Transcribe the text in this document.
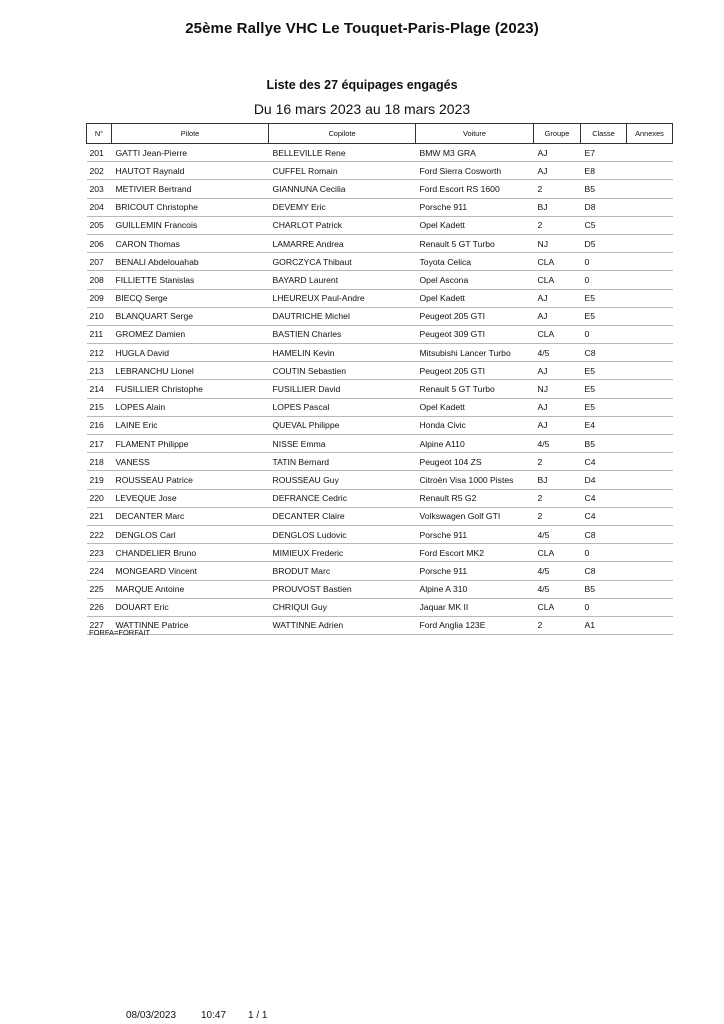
25ème Rallye VHC Le Touquet-Paris-Plage (2023)
Liste des 27 équipages engagés
Du 16 mars 2023 au 18 mars 2023
N°	Pilote	Copilote	Voiture	Groupe	Classe	Annexes
201	GATTI Jean-Pierre	BELLEVILLE Rene	BMW M3 GRA	AJ	E7	
202	HAUTOT Raynald	CUFFEL Romain	Ford Sierra Cosworth	AJ	E8	
203	METIVIER Bertrand	GIANNUNA Cecilia	Ford Escort RS 1600	2	B5	
204	BRICOUT Christophe	DEVEMY Eric	Porsche 911	BJ	D8	
205	GUILLEMIN Francois	CHARLOT Patrick	Opel Kadett	2	C5	
206	CARON Thomas	LAMARRE Andrea	Renault 5 GT Turbo	NJ	D5	
207	BENALI Abdelouahab	GORCZYCA Thibaut	Toyota Celica	CLA	0	
208	FILLIETTE Stanislas	BAYARD Laurent	Opel Ascona	CLA	0	
209	BIECQ Serge	LHEUREUX Paul-Andre	Opel Kadett	AJ	E5	
210	BLANQUART Serge	DAUTRICHE Michel	Peugeot 205 GTI	AJ	E5	
211	GROMEZ Damien	BASTIEN Charles	Peugeot 309 GTI	CLA	0	
212	HUGLA David	HAMELIN Kevin	Mitsubishi Lancer Turbo	4/5	C8	
213	LEBRANCHU Lionel	COUTIN Sebastien	Peugeot 205 GTI	AJ	E5	
214	FUSILLIER Christophe	FUSILLIER David	Renault 5 GT Turbo	NJ	E5	
215	LOPES Alain	LOPES Pascal	Opel Kadett	AJ	E5	
216	LAINE Eric	QUEVAL Philippe	Honda Civic	AJ	E4	
217	FLAMENT Philippe	NISSE Emma	Alpine A110	4/5	B5	
218	VANESS	TATIN Bernard	Peugeot 104 ZS	2	C4	
219	ROUSSEAU Patrice	ROUSSEAU Guy	Citroën Visa 1000 Pistes	BJ	D4	
220	LEVEQUE Jose	DEFRANCE Cedric	Renault R5 G2	2	C4	
221	DECANTER Marc	DECANTER Claire	Volkswagen Golf GTI	2	C4	
222	DENGLOS Carl	DENGLOS Ludovic	Porsche 911	4/5	C8	
223	CHANDELIER Bruno	MIMIEUX Frederic	Ford Escort MK2	CLA	0	
224	MONGEARD Vincent	BRODUT Marc	Porsche 911	4/5	C8	
225	MARQUE Antoine	PROUVOST Bastien	Alpine A 310	4/5	B5	
226	DOUART Eric	CHRIQUI Guy	Jaquar MK II	CLA	0	
227	WATTINNE Patrice	WATTINNE Adrien	Ford Anglia 123E	2	A1	
FORFA=FORFAIT
08/03/2023 10:47 1 / 1
